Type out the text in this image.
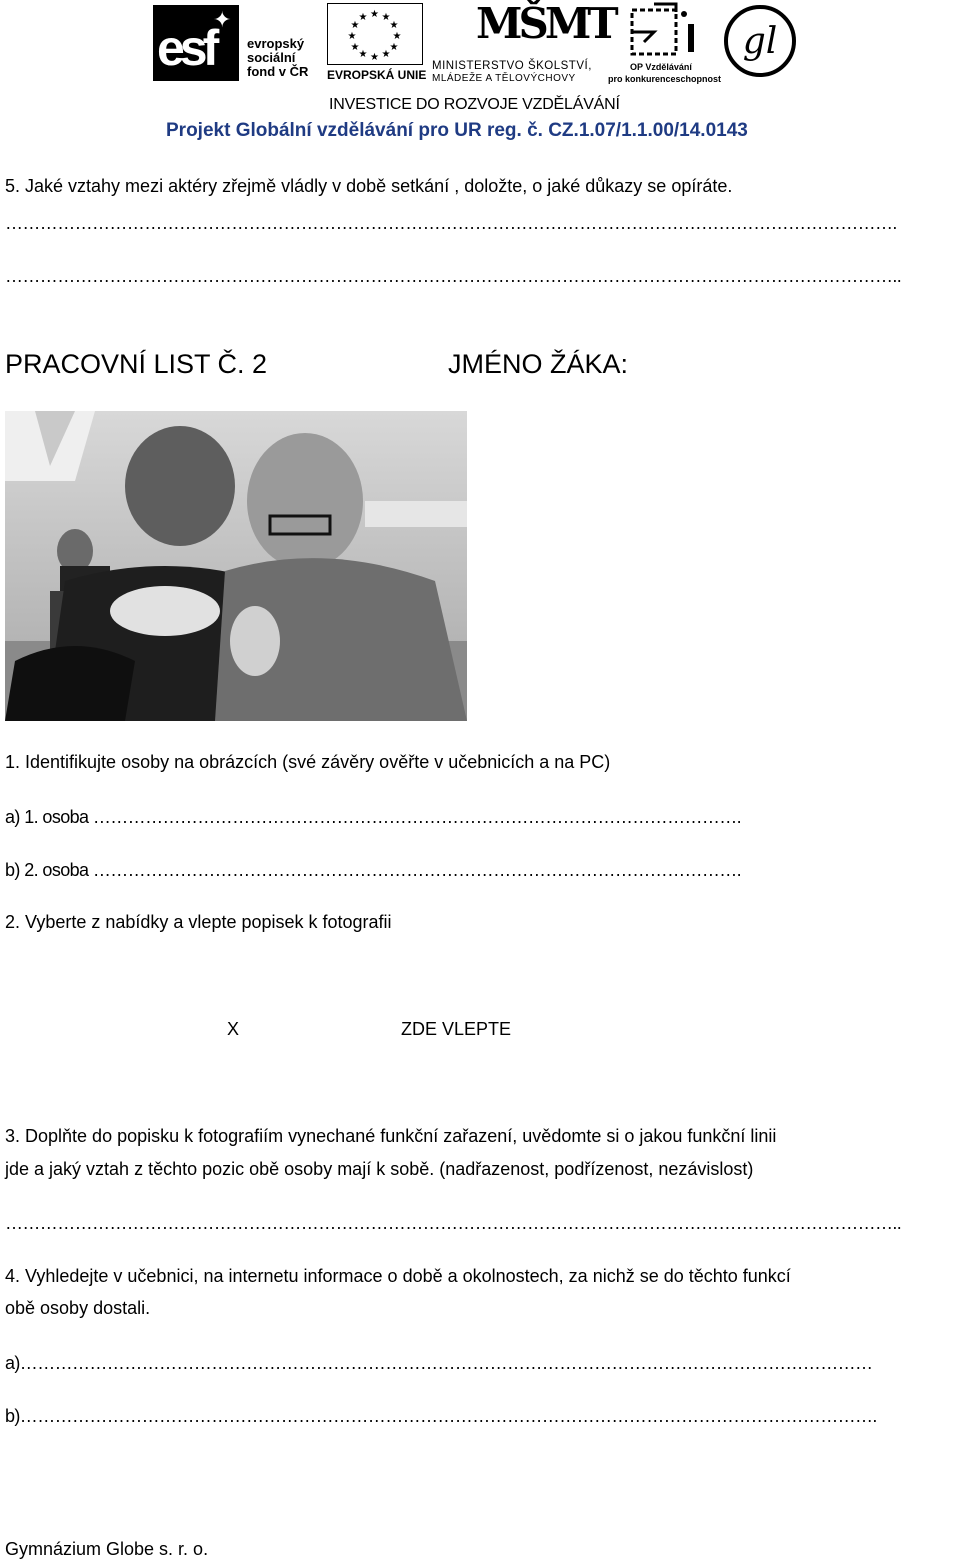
esf
✦
evropský
sociální
fond v ČR
★ ★
★
★
★
★
★
★
★
★
★
★
EVROPSKÁ UNIE
MŠMT
MINISTERSTVO ŠKOLSTVÍ,
MLÁDEŽE A TĚLOVÝCHOVY
OP Vzdělávání
pro konkurenceschopnost
gl
INVESTICE DO ROZVOJE VZDĚLÁVÁNÍ
Projekt Globální vzdělávání pro UR reg. č. CZ.1.07/1.1.00/14.0143
5. Jaké vztahy mezi aktéry zřejmě vládly v době setkání , doložte, o jaké důkazy se opíráte.
……………………………………………………………………………………………………………………………………….
………………………………………………………………………………………………………………………………………..
PRACOVNÍ LIST Č. 2	JMÉNO ŽÁKA:
1. Identifikujte osoby na obrázcích (své závěry ověřte v učebnicích a na PC)
a) 1. osoba ………………………………………………………………………………………………….
b) 2. osoba ………………………………………………………………………………………………….
2. Vyberte z nabídky a vlepte popisek k fotografii
X	ZDE VLEPTE
3. Doplňte do popisku k fotografiím vynechané funkční zařazení, uvědomte si o jakou funkční linii
jde a jaký vztah z těchto pozic obě osoby mají k sobě. (nadřazenost, podřízenost, nezávislost)
………………………………………………………………………………………………………………………………………..
4. Vyhledejte v učebnici, na internetu informace o době a okolnostech, za nichž se do těchto funkcí
obě osoby dostali.
a)…………………………………………………………………………………………………………………………………
b)………………………………………………………………………………………………………………………………….
Gymnázium Globe s. r. o.
